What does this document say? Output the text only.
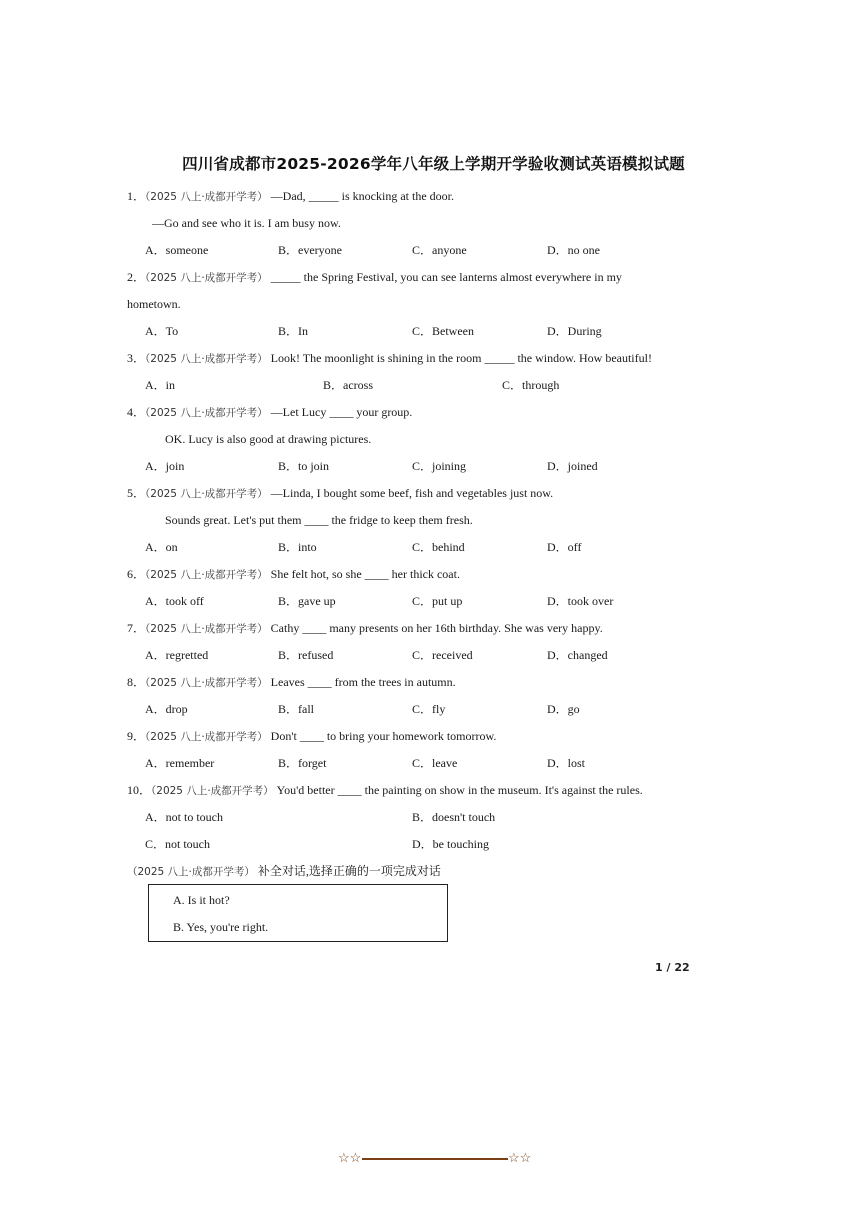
四川省成都市2025-2026学年八年级上学期开学验收测试英语模拟试题
1．（2025 八上·成都开学考） —Dad, _____ is knocking at the door.
—Go and see who it is. I am busy now.
A．someone	B．everyone	C．anyone	D．no one
2．（2025 八上·成都开学考） _____ the Spring Festival, you can see lanterns almost everywhere in my
hometown.
A．To	B．In	C．Between	D．During
3．（2025 八上·成都开学考） Look! The moonlight is shining in the room _____ the window. How beautiful!
A．in	B．across	C．through
4．（2025 八上·成都开学考） —Let Lucy ____ your group.
OK. Lucy is also good at drawing pictures.
A．join	B．to join	C．joining	D．joined
5．（2025 八上·成都开学考） —Linda, I bought some beef, fish and vegetables just now.
Sounds great. Let's put them ____ the fridge to keep them fresh.
A．on	B．into	C．behind	D．off
6．（2025 八上·成都开学考） She felt hot, so she ____ her thick coat.
A．took off	B．gave up	C．put up	D．took over
7．（2025 八上·成都开学考） Cathy ____ many presents on her 16th birthday. She was very happy.
A．regretted	B．refused	C．received	D．changed
8．（2025 八上·成都开学考） Leaves ____ from the trees in autumn.
A．drop	B．fall	C．fly	D．go
9．（2025 八上·成都开学考） Don't ____ to bring your homework tomorrow.
A．remember	B．forget	C．leave	D．lost
10．（2025 八上·成都开学考） You'd better ____ the painting on show in the museum. It's against the rules.
A．not to touch	B．doesn't touch
C．not touch	D．be touching
（2025 八上·成都开学考） 补全对话,选择正确的一项完成对话
A. Is it hot?
B. Yes, you're right.
1 / 22
☆☆	☆☆
